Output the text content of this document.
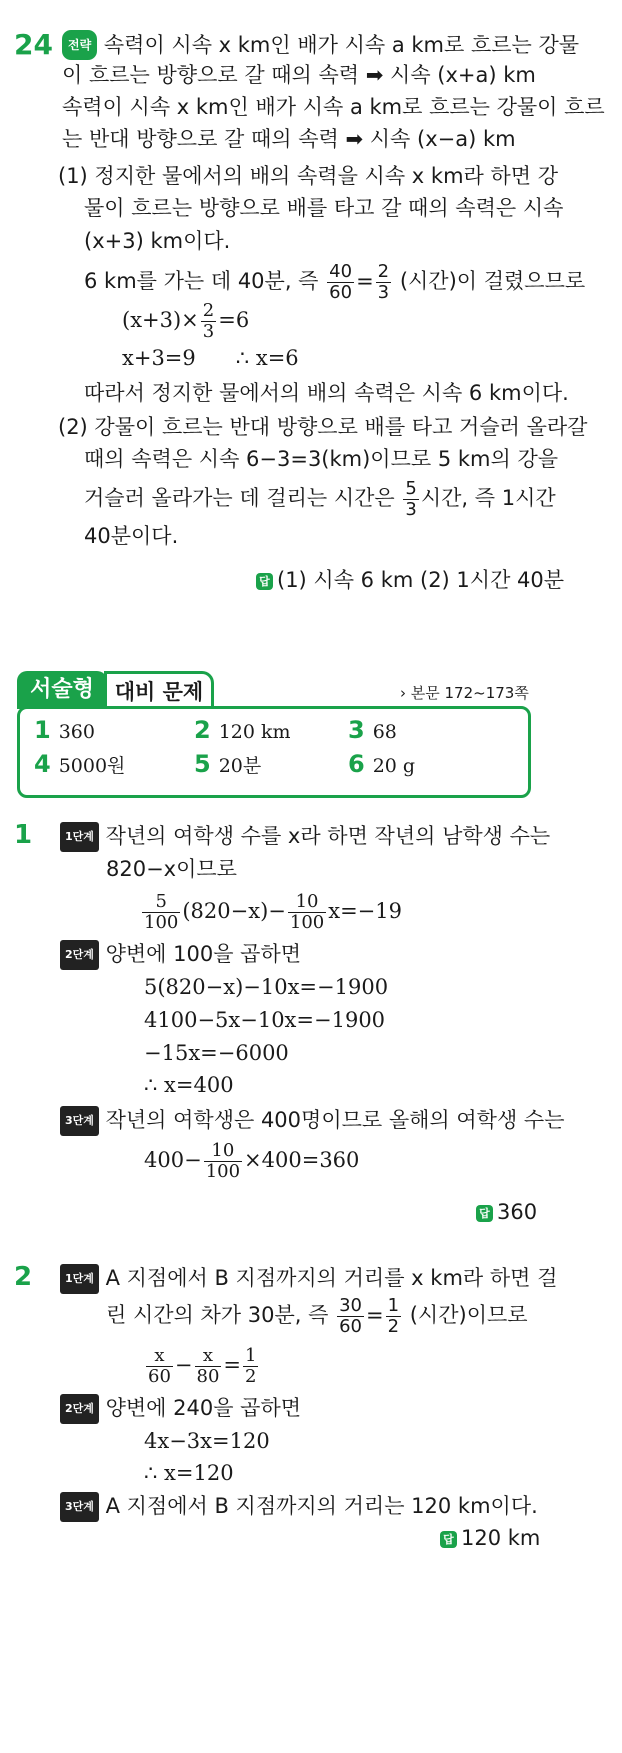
24	전략 속력이 시속 x km인 배가 시속 a km로 흐르는 강물
이 흐르는 방향으로 갈 때의 속력 ➡ 시속 (x+a) km
속력이 시속 x km인 배가 시속 a km로 흐르는 강물이 흐르
는 반대 방향으로 갈 때의 속력 ➡ 시속 (x−a) km
(1) 정지한 물에서의 배의 속력을 시속 x km라 하면 강
물이 흐르는 방향으로 배를 타고 갈 때의 속력은 시속
(x+3) km이다.
6 km를 가는 데 40분, 즉 $\frac{40}{60} = \frac{2}{3}$ (시간)이 걸렸으므로
$(x+3)\times \frac{2}{3} =6$
x+3=9      ∴ x=6
따라서 정지한 물에서의 배의 속력은 시속 6 km이다.
(2) 강물이 흐르는 반대 방향으로 배를 타고 거슬러 올라갈
때의 속력은 시속 6−3=3(km)이므로 5 km의 강을
거슬러 올라가는 데 걸리는 시간은 $\frac{5}{3}$ 시간, 즉 1시간
40분이다.
답 (1) 시속 6 km (2) 1시간 40분
서술형 대비 문제	› 본문 172~173쪽
1 360	2 120 km 3 68
4 5000원	5 20분	6 20 g
1	1단계 작년의 여학생 수를 x라 하면 작년의 남학생 수는
820−x이므로
$\frac{5}{100} (820-x)- \frac{10}{100} x=-19$
2단계 양변에 100을 곱하면
5(820−x)−10x=−1900
4100−5x−10x=−1900
−15x=−6000
∴ x=400
3단계 작년의 여학생은 400명이므로 올해의 여학생 수는
$400- \frac{10}{100} \times 400=360$
답 360
2	1단계 A 지점에서 B 지점까지의 거리를 x km라 하면 걸
린 시간의 차가 30분, 즉 $\frac{30}{60} = \frac{1}{2}$ (시간)이므로
$\frac{x}{60} - \frac{x}{80} = \frac{1}{2}$
2단계 양변에 240을 곱하면
4x−3x=120
∴ x=120
3단계 A 지점에서 B 지점까지의 거리는 120 km이다.
답 120 km
